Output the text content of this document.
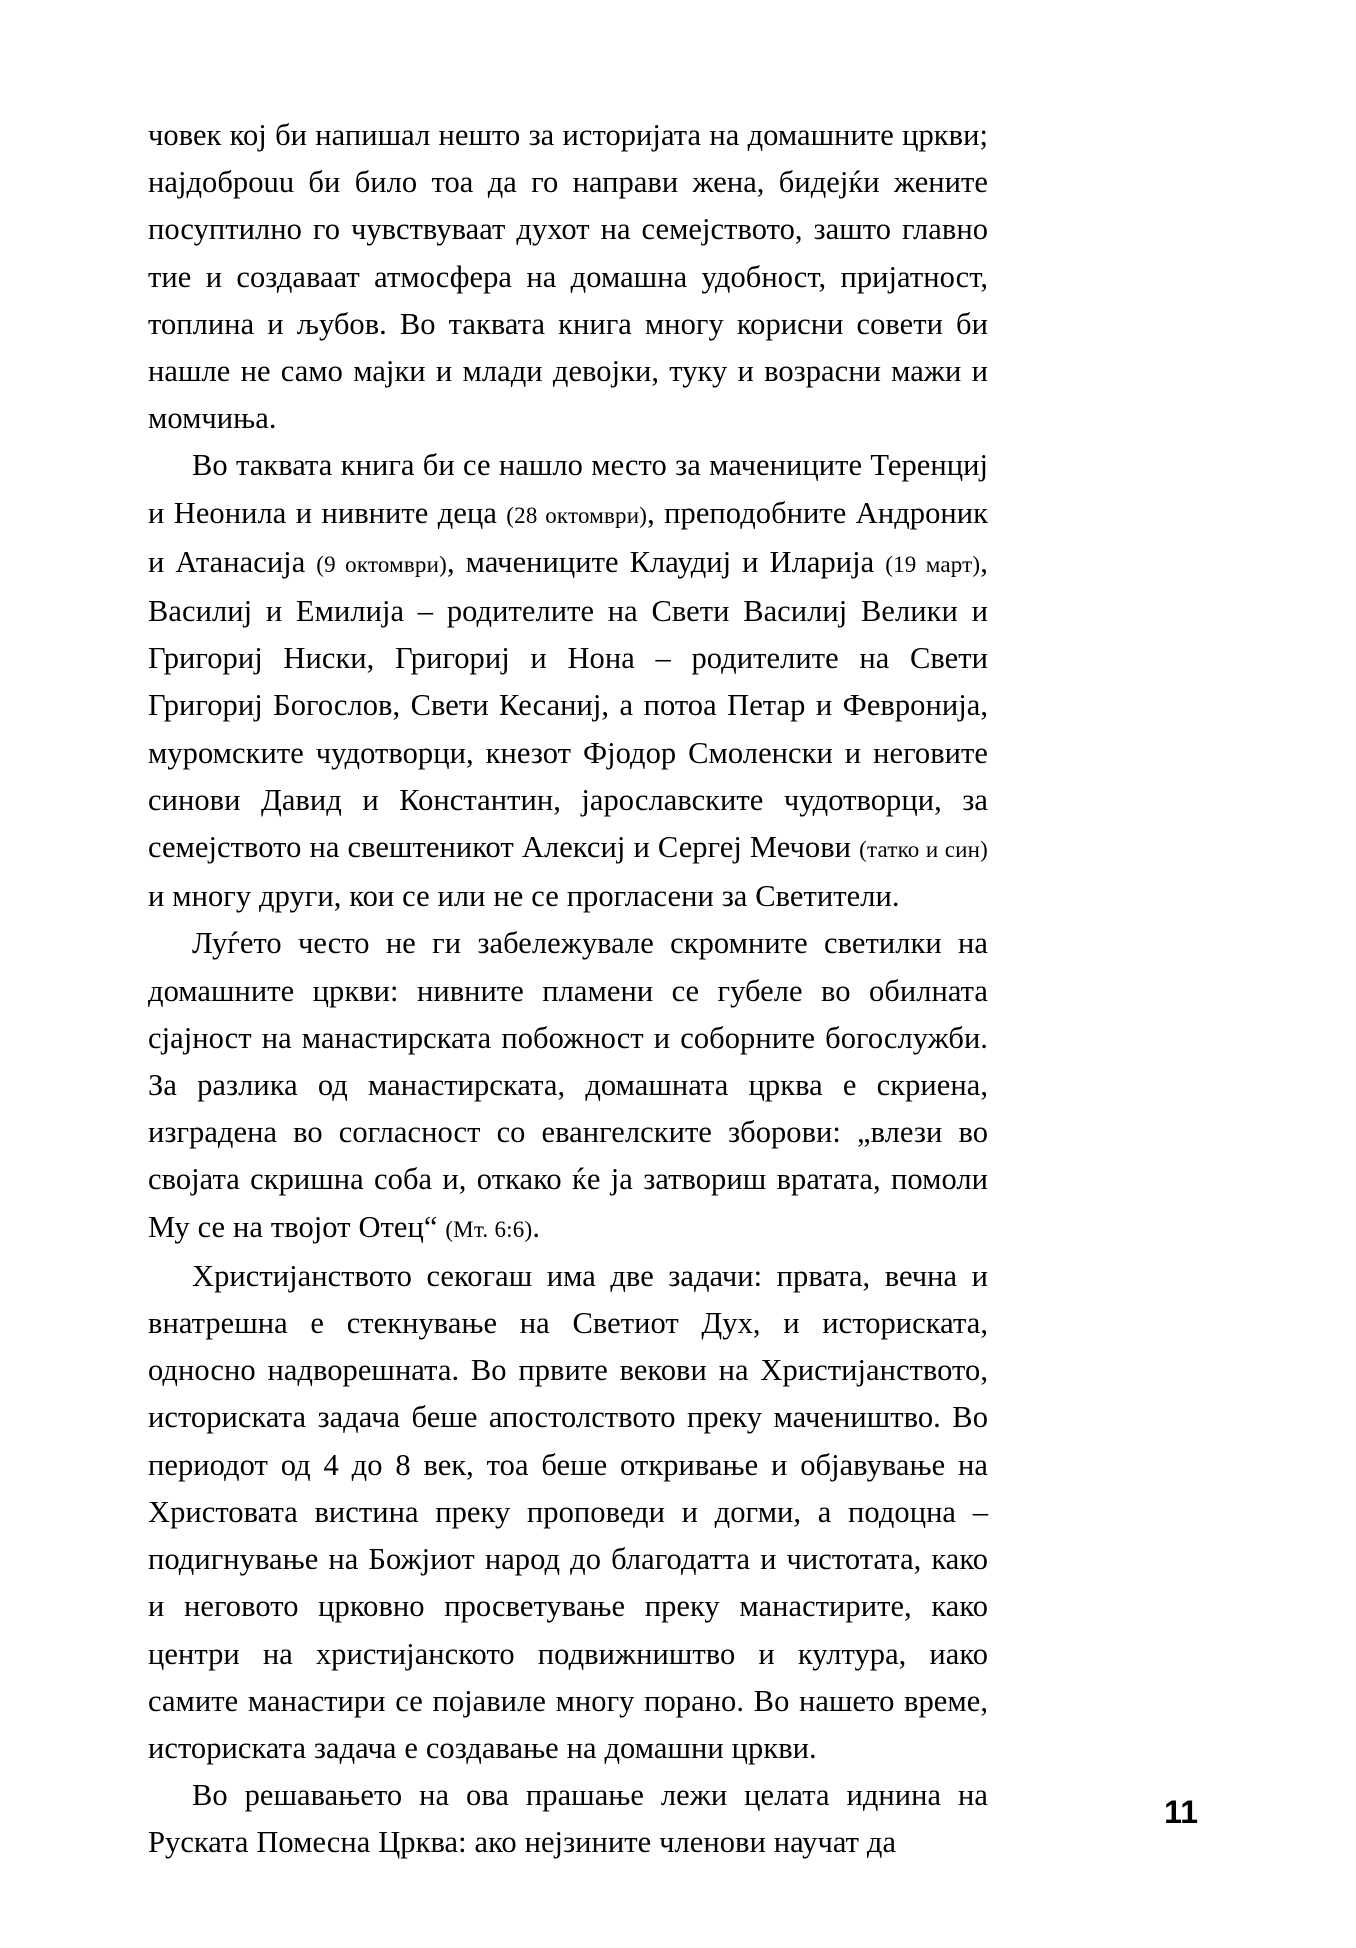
човек кој би напишал нешто за историјата на домашните цркви; најдоброuu би било тоа да го направи жена, бидејќи жените посуптилно го чувствуваат духот на семејството, зашто главно тие и создаваат атмосфера на домашна удобност, пријатност, топлина и љубов. Во таквата книга многу корисни совети би нашле не само мајки и млади девојки, туку и возрасни мажи и момчиња.

Во таквата книга би се нашло место за мачениците Теренциј и Неонила и нивните деца (28 октомври), преподобните Андроник и Атанасија (9 октомври), мачениците Клаудиј и Иларија (19 март), Василиј и Емилија – родителите на Свети Василиј Велики и Григориј Ниски, Григориј и Нона – родителите на Свети Григориј Богослов, Свети Кесаниј, а потоа Петар и Февронија, муромските чудотворци, кнезот Фјодор Смоленски и неговите синови Давид и Константин, јарославските чудотворци, за семејството на свештеникот Алексиј и Сергеј Мечови (татко и син) и многу други, кои се или не се прогласени за Светители.

Луѓето често не ги забележувале скромните светилки на домашните цркви: нивните пламени се губеле во обилната сјајност на манастирската побожност и соборните богослужби. За разлика од манастирската, домашната црква е скриена, изградена во согласност со евангелските зборови: „влези во својата скришна соба и, откако ќе ја затвориш вратата, помоли Му се на твојот Отец“ (Мт. 6:6).

Христијанството секогаш има две задачи: првата, вечна и внатрешна е стекнување на Светиот Дух, и историската, односно надворешната. Во првите векови на Христијанството, историската задача беше апостолството преку мачеништво. Во периодот од 4 до 8 век, тоа беше откривање и објавување на Христовата вистина преку проповеди и догми, а подоцна – подигнување на Божјиот народ до благодатта и чистотата, како и неговото црковно просветување преку манастирите, како центри на христијанското подвижништво и култура, иако самите манастири се појавиле многу порано. Во нашето време, историската задача е создавање на домашни цркви.

Во решавањето на ова прашање лежи целата иднина на Руската Помесна Црква: ако нејзините членови научат да

11
